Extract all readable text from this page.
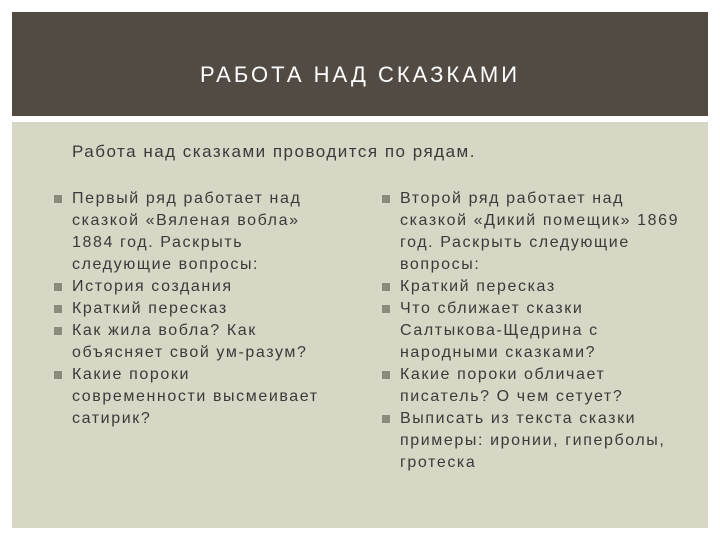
РАБОТА НАД СКАЗКАМИ
Работа над сказками проводится по рядам.
Первый ряд работает над сказкой «Вяленая вобла» 1884 год. Раскрыть следующие вопросы:
История создания
Краткий пересказ
Как жила вобла? Как объясняет свой ум-разум?
Какие пороки современности высмеивает сатирик?
Второй ряд работает над сказкой «Дикий помещик» 1869 год. Раскрыть следующие вопросы:
Краткий пересказ
Что сближает сказки Салтыкова-Щедрина с народными сказками?
Какие пороки обличает писатель? О чем сетует?
Выписать из текста сказки примеры: иронии, гиперболы, гротеска
